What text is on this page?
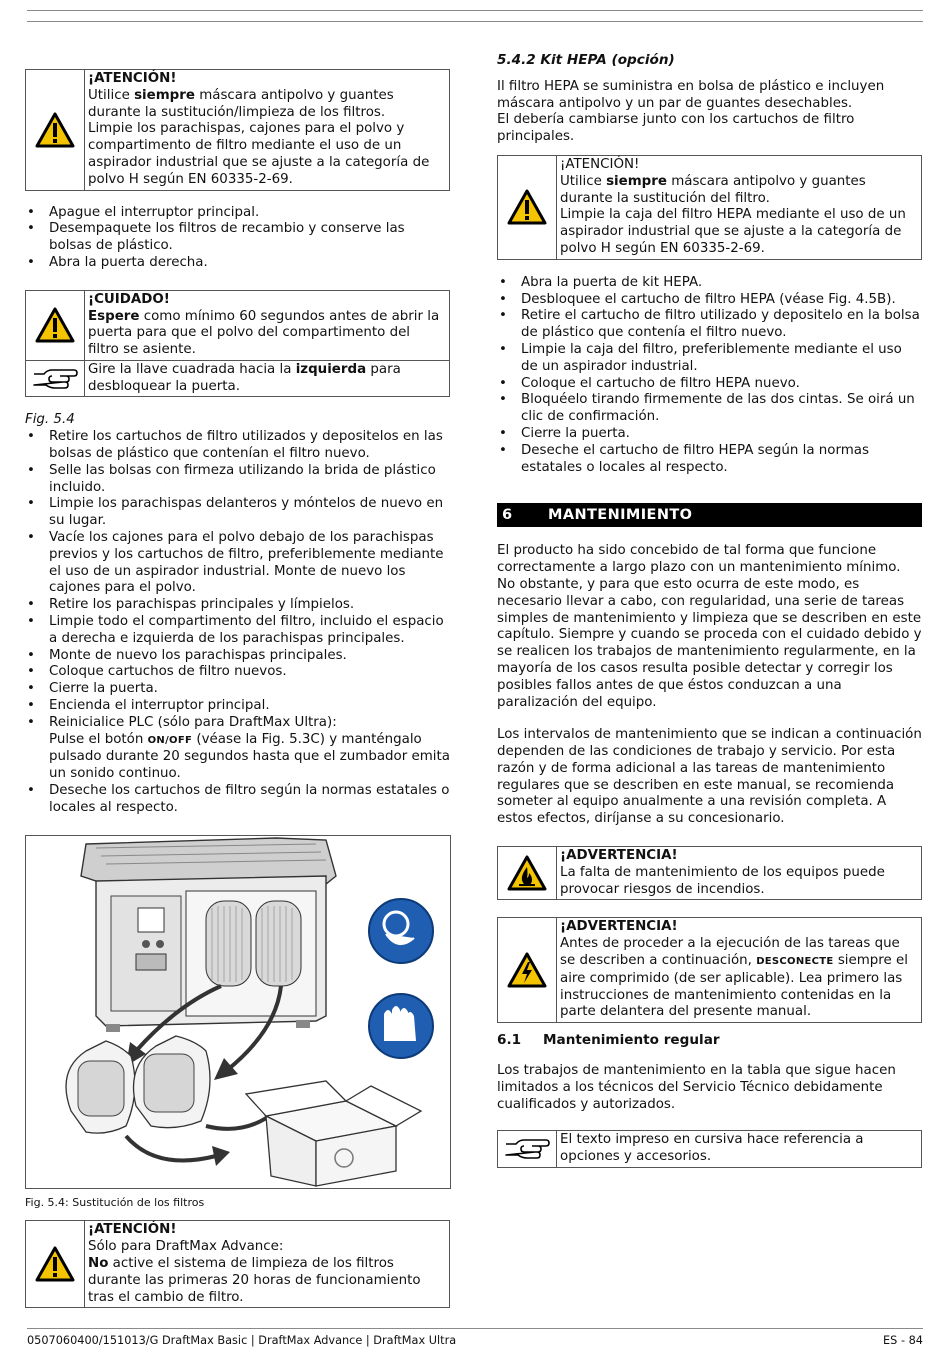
¡ATENCIÓN!
Utilice siempre máscara antipolvo y guantes durante la sustitución/limpieza de los filtros.
Limpie los parachispas, cajones para el polvo y compartimento de filtro mediante el uso de un aspirador industrial que se ajuste a la categoría de polvo H según EN 60335-2-69.
• Apague el interruptor principal.
• Desempaquete los filtros de recambio y conserve las bolsas de plástico.
• Abra la puerta derecha.
¡CUIDADO!
Espere como mínimo 60 segundos antes de abrir la puerta para que el polvo del compartimento del filtro se asiente.
Gire la llave cuadrada hacia la izquierda para desbloquear la puerta.

Fig. 5.4

• Retire los cartuchos de filtro utilizados y depositelos en las bolsas de plástico que contenían el filtro nuevo.
• Selle las bolsas con firmeza utilizando la brida de plástico incluido.
• Limpie los parachispas delanteros y móntelos de nuevo en su lugar.
• Vacíe los cajones para el polvo debajo de los parachispas previos y los cartuchos de filtro, preferiblemente mediante el uso de un aspirador industrial. Monte de nuevo los cajones para el polvo.
• Retire los parachispas principales y límpielos.
• Limpie todo el compartimento del filtro, incluido el espacio a derecha e izquierda de los parachispas principales.
• Monte de nuevo los parachispas principales.
• Coloque cartuchos de filtro nuevos.
• Cierre la puerta.
• Encienda el interruptor principal.
• Reinicialice PLC (sólo para DraftMax Ultra):
Pulse el botón ON/OFF (véase la Fig. 5.3C) y manténgalo pulsado durante 20 segundos hasta que el zumbador emita un sonido continuo.
• Deseche los cartuchos de filtro según la normas estatales o locales al respecto.
Fig. 5.4: Sustitución de los filtros
¡ATENCIÓN!
Sólo para DraftMax Advance:
No active el sistema de limpieza de los filtros durante las primeras 20 horas de funcionamiento tras el cambio de filtro.
5.4.2 Kit HEPA (opción)

Il filtro HEPA se suministra en bolsa de plástico e incluyen máscara antipolvo y un par de guantes desechables.

El debería cambiarse junto con los cartuchos de filtro principales.

¡ATENCIÓN!
Utilice siempre máscara antipolvo y guantes durante la sustitución del filtro.
Limpie la caja del filtro HEPA mediante el uso de un aspirador industrial que se ajuste a la categoría de polvo H según EN 60335-2-69.
• Abra la puerta de kit HEPA.
• Desbloquee el cartucho de filtro HEPA (véase Fig. 4.5B).
• Retire el cartucho de filtro utilizado y depositelo en la bolsa de plástico que contenía el filtro nuevo.
• Limpie la caja del filtro, preferiblemente mediante el uso de un aspirador industrial.
• Coloque el cartucho de filtro HEPA nuevo.
• Bloquéelo tirando firmemente de las dos cintas. Se oirá un clic de confirmación.
• Cierre la puerta.
• Deseche el cartucho de filtro HEPA según la normas estatales o locales al respecto.
6 MANTENIMIENTO

El producto ha sido concebido de tal forma que funcione correctamente a largo plazo con un mantenimiento mínimo. No obstante, y para que esto ocurra de este modo, es necesario llevar a cabo, con regularidad, una serie de tareas simples de mantenimiento y limpieza que se describen en este capítulo. Siempre y cuando se proceda con el cuidado debido y se realicen los trabajos de mantenimiento regularmente, en la mayoría de los casos resulta posible detectar y corregir los posibles fallos antes de que éstos conduzcan a una paralización del equipo.

Los intervalos de mantenimiento que se indican a continuación dependen de las condiciones de trabajo y servicio. Por esta razón y de forma adicional a las tareas de mantenimiento regulares que se describen en este manual, se recomienda someter al equipo anualmente a una revisión completa. A estos efectos, diríjanse a su concesionario.

¡ADVERTENCIA!
La falta de mantenimiento de los equipos puede provocar riesgos de incendios.
¡ADVERTENCIA!
Antes de proceder a la ejecución de las tareas que se describen a continuación, DESCONECTE siempre el aire comprimido (de ser aplicable). Lea primero las instrucciones de mantenimiento contenidas en la parte delantera del presente manual.
6.1 Mantenimiento regular

Los trabajos de mantenimiento en la tabla que sigue hacen limitados a los técnicos del Servicio Técnico debidamente cualificados y autorizados.

El texto impreso en cursiva hace referencia a opciones y accesorios.
0507060400/151013/G DraftMax Basic | DraftMax Advance | DraftMax Ultra	ES - 84
